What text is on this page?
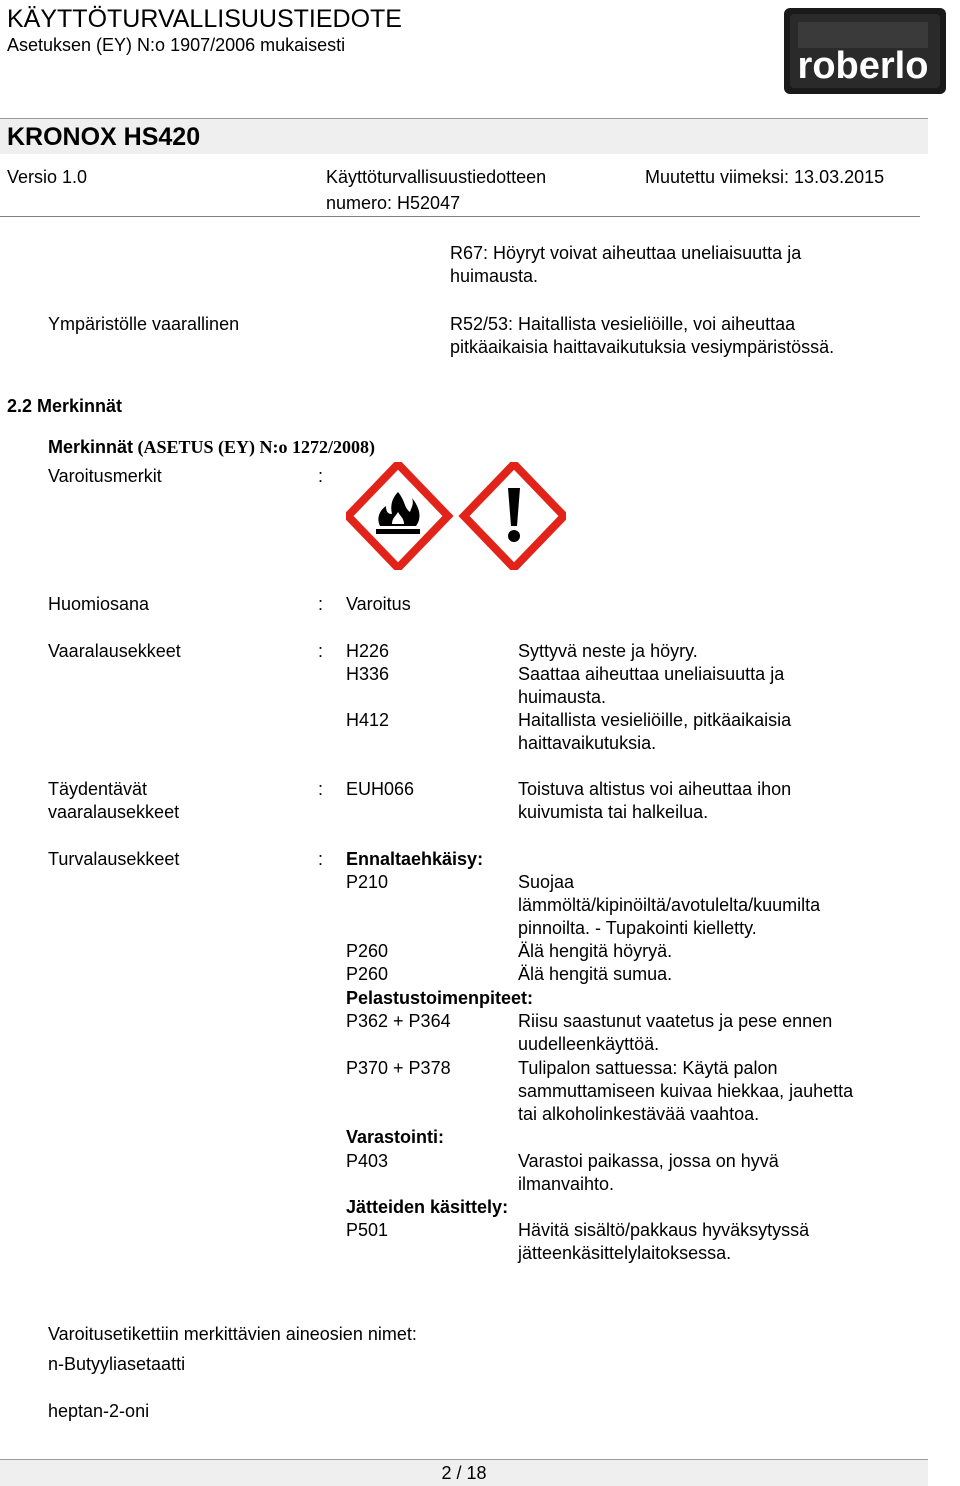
KÄYTTÖTURVALLISUUSTIEDOTE
Asetuksen (EY) N:o 1907/2006 mukaisesti	roberlo
KRONOX HS420
Versio 1.0	Käyttöturvallisuustiedotteen
numero: H52047
Muutettu viimeksi: 13.03.2015
R67: Höyryt voivat aiheuttaa uneliaisuutta ja
huimausta.
Ympäristölle vaarallinen	R52/53: Haitallista vesieliöille, voi aiheuttaa
pitkäaikaisia haittavaikutuksia vesiympäristössä.
2.2 Merkinnät
Merkinnät (ASETUS (EY) N:o 1272/2008)
Varoitusmerkit	:
Huomiosana	: Varoitus
Vaaralausekkeet	: H226	Syttyvä neste ja höyry.
H336	Saattaa aiheuttaa uneliaisuutta ja
huimausta.
H412	Haitallista vesieliöille, pitkäaikaisia
haittavaikutuksia.
Täydentävät
vaaralausekkeet
: EUH066	Toistuva altistus voi aiheuttaa ihon
kuivumista tai halkeilua.
Turvalausekkeet	: Ennaltaehkäisy:
P210	Suojaa
lämmöltä/kipinöiltä/avotulelta/kuumilta
pinnoilta. - Tupakointi kielletty.
P260	Älä hengitä höyryä.
P260	Älä hengitä sumua.
Pelastustoimenpiteet:
P362 + P364	Riisu saastunut vaatetus ja pese ennen
uudelleenkäyttöä.
P370 + P378	Tulipalon sattuessa: Käytä palon
sammuttamiseen kuivaa hiekkaa, jauhetta
tai alkoholinkestävää vaahtoa.
Varastointi:
P403	Varastoi paikassa, jossa on hyvä
ilmanvaihto.
Jätteiden käsittely:
P501	Hävitä sisältö/pakkaus hyväksytyssä
jätteenkäsittelylaitoksessa.
Varoitusetikettiin merkittävien aineosien nimet:
n-Butyyliasetaatti
heptan-2-oni
2 / 18
